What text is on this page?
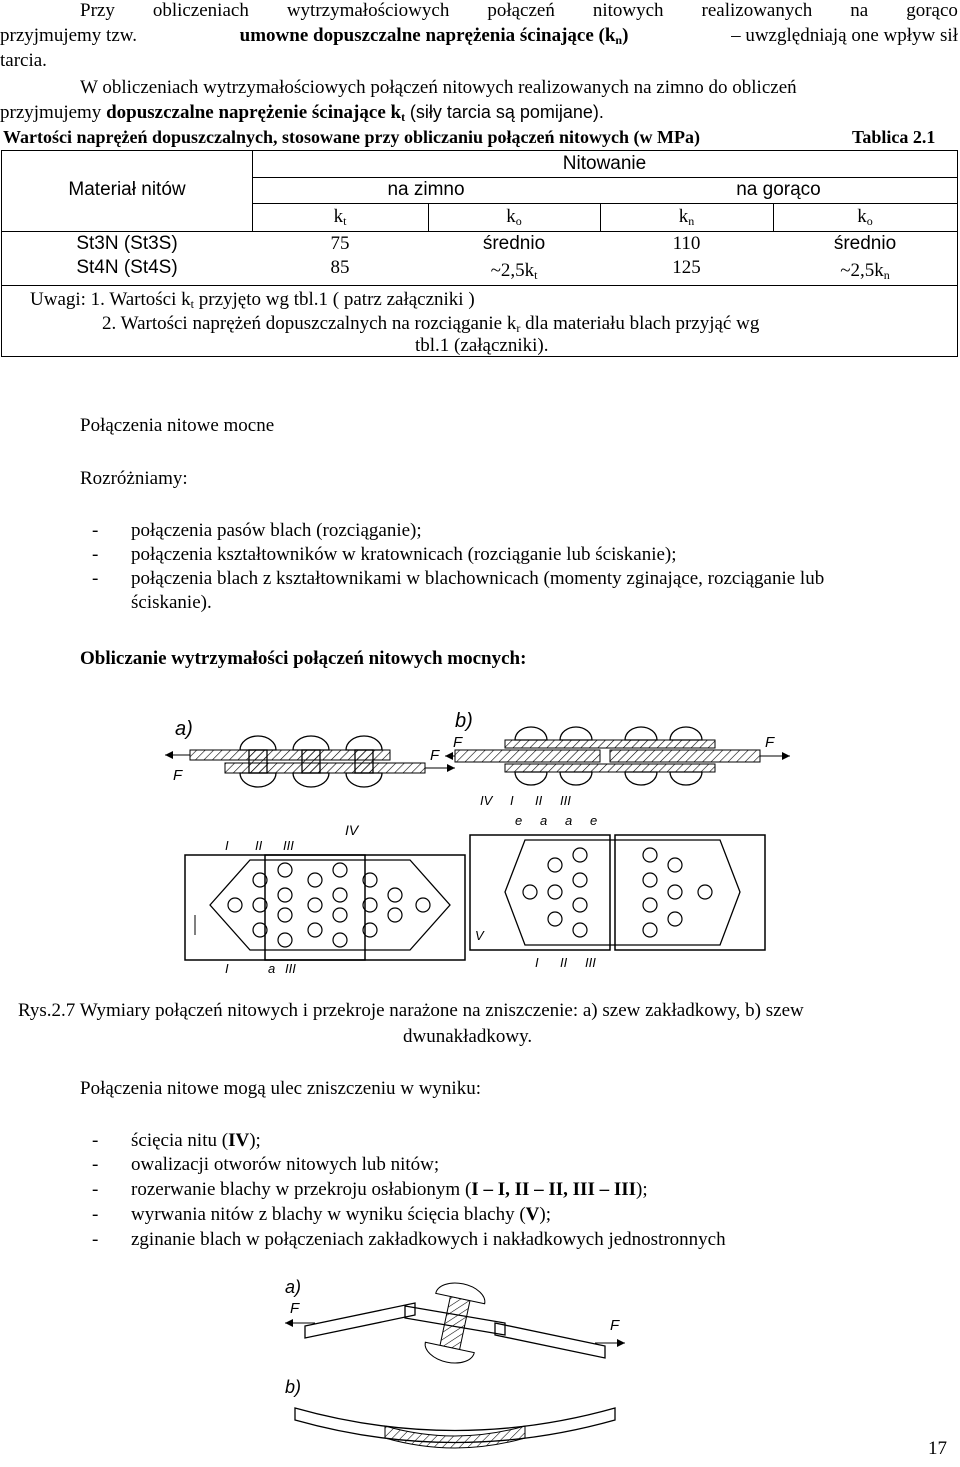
Przy obliczeniach wytrzymałościowych połączeń nitowych realizowanych na gorąco
przyjmujemy tzw.	umowne dopuszczalne naprężenia ścinające $(k_n)$	– uwzględniają one wpływ sił
tarcia.
W obliczeniach wytrzymałościowych połączeń nitowych realizowanych na zimno do obliczeń
przyjmujemy dopuszczalne naprężenie ścinające $k_t$ (siły tarcia są pomijane).
Wartości naprężeń dopuszczalnych, stosowane przy obliczaniu połączeń nitowych (w MPa)	Tablica 2.1
Nitowanie
Materiał nitów	na zimno	na gorąco
$k_t$	$k_o$	$k_n$	$k_o$
St3N (St3S)	75	średnio	110	średnio
St4N (St4S)	85	$\sim 2,5k_t$	125	$\sim 2,5k_n$
Uwagi: 1. Wartości $k_t$ przyjęto wg tbl.1 ( patrz załączniki )
2. Wartości naprężeń dopuszczalnych na rozciąganie $k_r$ dla materiału blach przyjąć wg
tbl.1 (załączniki).
Połączenia nitowe mocne
Rozróżniamy:
- połączenia pasów blach (rozciąganie);
- połączenia kształtowników w kratownicach (rozciąganie lub ściskanie);
- połączenia blach z kształtownikami w blachownicach (momenty zginające, rozciąganie lub
ściskanie).
Obliczanie wytrzymałości połączeń nitowych mocnych:
a)
F
F
IV
I II III
I	a III
b)
F	F
IV I II III
e a a e
V
I II III
Rys.2.7 Wymiary połączeń nitowych i przekroje narażone na zniszczenie: a) szew zakładkowy, b) szew
dwunakładkowy.
Połączenia nitowe mogą ulec zniszczeniu w wyniku:
- ścięcia nitu (IV);
- owalizacji otworów nitowych lub nitów;
- rozerwanie blachy w przekroju osłabionym (I – I, II – II, III – III);
- wyrwania nitów z blachy w wyniku ścięcia blachy (V);
- zginanie blach w połączeniach zakładkowych i nakładkowych jednostronnych
a)
F
F
b)
17
